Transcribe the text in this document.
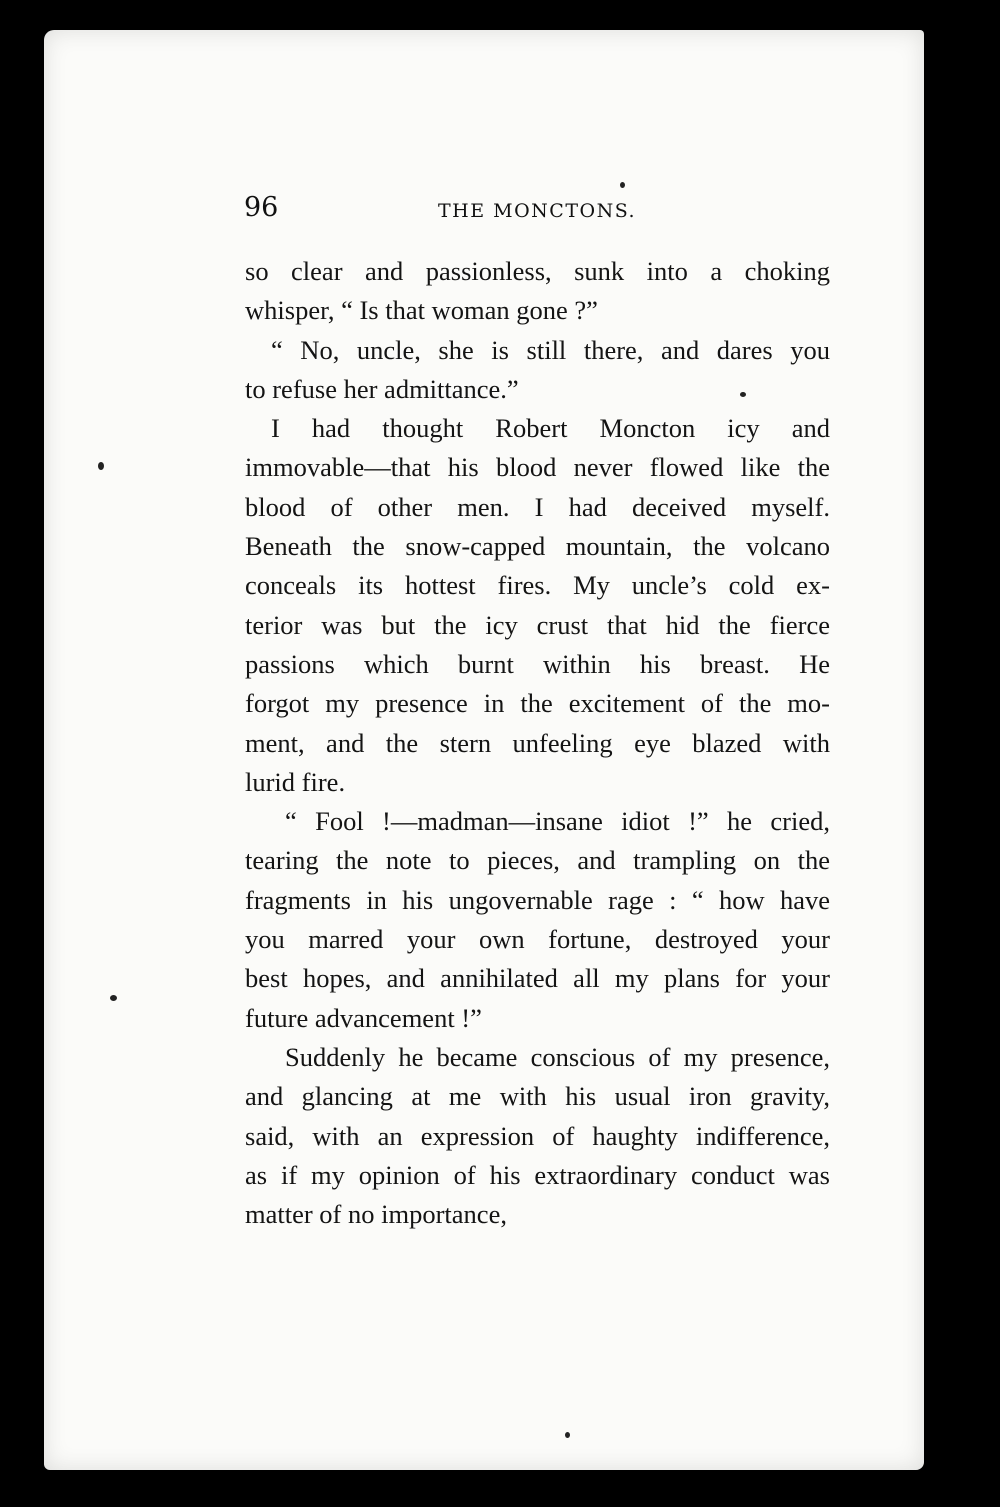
96	THE MONCTONS.
so clear and passionless, sunk into a choking
whisper, “ Is that woman gone ?”
“ No, uncle, she is still there, and dares you
to refuse her admittance.”
I had thought Robert Moncton icy and
immovable—that his blood never flowed like the
blood of other men. I had deceived myself.
Beneath the snow-capped mountain, the volcano
conceals its hottest fires. My uncle’s cold ex-
terior was but the icy crust that hid the fierce
passions which burnt within his breast. He
forgot my presence in the excitement of the mo-
ment, and the stern unfeeling eye blazed with
lurid fire.
“ Fool !—madman—insane idiot !” he cried,
tearing the note to pieces, and trampling on the
fragments in his ungovernable rage : “ how have
you marred your own fortune, destroyed your
best hopes, and annihilated all my plans for your
future advancement !”
Suddenly he became conscious of my presence,
and glancing at me with his usual iron gravity,
said, with an expression of haughty indifference,
as if my opinion of his extraordinary conduct was
matter of no importance,
